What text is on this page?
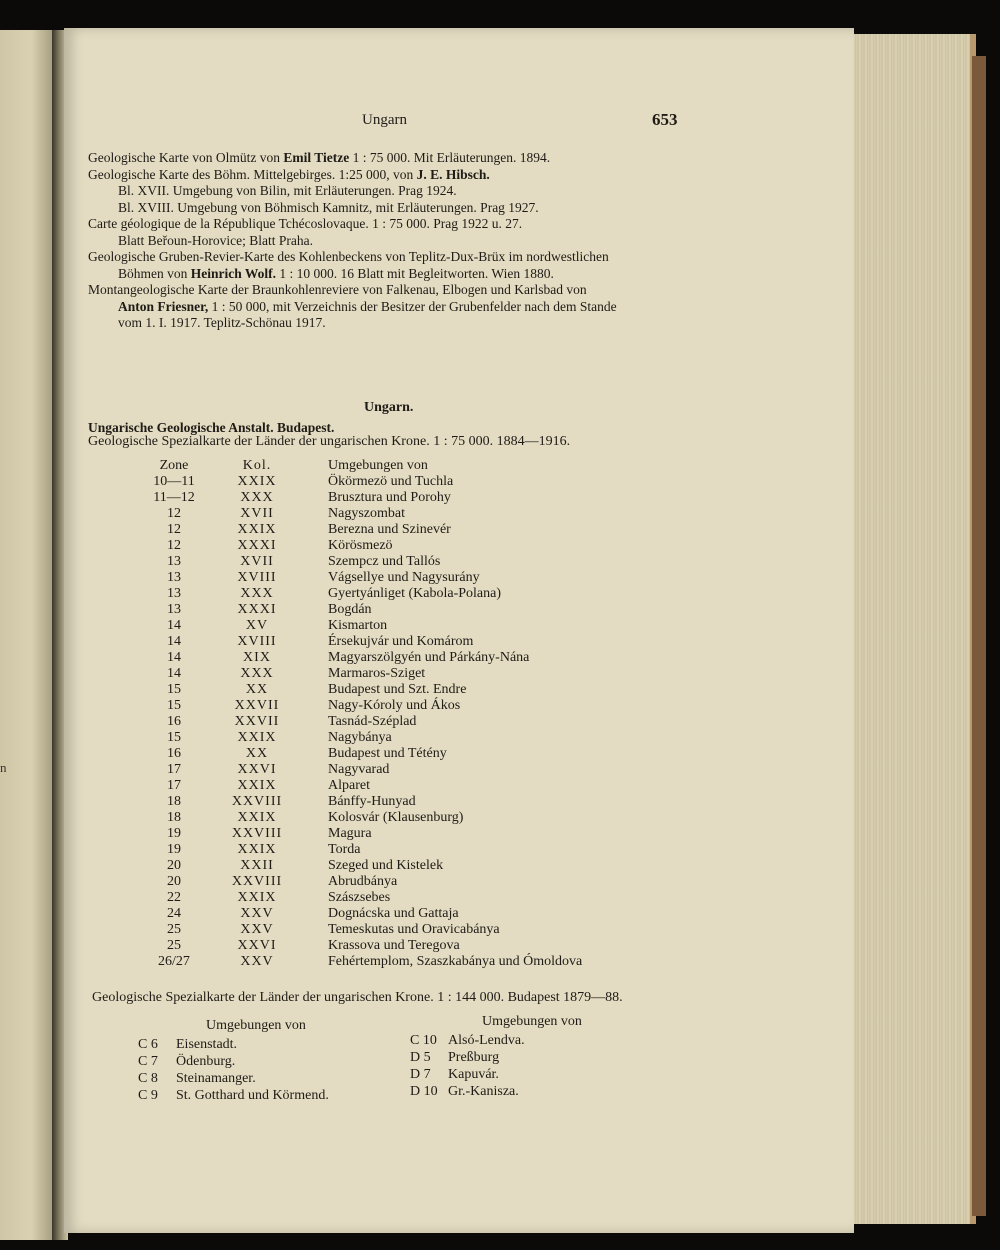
n
Ungarn	653
Geologische Karte von Olmütz von Emil Tietze 1 : 75 000. Mit Erläuterungen. 1894.
Geologische Karte des Böhm. Mittelgebirges. 1:25 000, von J. E. Hibsch.
Bl. XVII. Umgebung von Bilin, mit Erläuterungen. Prag 1924.
Bl. XVIII. Umgebung von Böhmisch Kamnitz, mit Erläuterungen. Prag 1927.
Carte géologique de la République Tchécoslovaque. 1 : 75 000. Prag 1922 u. 27.
Blatt Beřoun-Horovice; Blatt Praha.
Geologische Gruben-Revier-Karte des Kohlenbeckens von Teplitz-Dux-Brüx im nordwestlichen
Böhmen von Heinrich Wolf. 1 : 10 000. 16 Blatt mit Begleitworten. Wien 1880.
Montangeologische Karte der Braunkohlenreviere von Falkenau, Elbogen und Karlsbad von
Anton Friesner, 1 : 50 000, mit Verzeichnis der Besitzer der Grubenfelder nach dem Stande
vom 1. I. 1917. Teplitz-Schönau 1917.
Ungarn.
Ungarische Geologische Anstalt. Budapest.
Geologische Spezialkarte der Länder der ungarischen Krone. 1 : 75 000. 1884—1916.
Zone	Kol.	Umgebungen von
10—11	XXIX	Ökörmezö und Tuchla
11—12	XXX	Brusztura und Porohy
12	XVII	Nagyszombat
12	XXIX	Berezna und Szinevér
12	XXXI	Körösmezö
13	XVII	Szempcz und Tallós
13	XVIII	Vágsellye und Nagysurány
13	XXX	Gyertyánliget (Kabola-Polana)
13	XXXI	Bogdán
14	XV	Kismarton
14	XVIII	Érsekujvár und Komárom
14	XIX	Magyarszölgyén und Párkány-Nána
14	XXX	Marmaros-Sziget
15	XX	Budapest und Szt. Endre
15	XXVII	Nagy-Kóroly und Ákos
16	XXVII	Tasnád-Széplad
15	XXIX	Nagybánya
16	XX	Budapest und Tétény
17	XXVI	Nagyvarad
17	XXIX	Alparet
18	XXVIII	Bánffy-Hunyad
18	XXIX	Kolosvár (Klausenburg)
19	XXVIII	Magura
19	XXIX	Torda
20	XXII	Szeged und Kistelek
20	XXVIII	Abrudbánya
22	XXIX	Szászsebes
24	XXV	Dognácska und Gattaja
25	XXV	Temeskutas und Oravicabánya
25	XXVI	Krassova und Teregova
26/27	XXV	Fehértemplom, Szaszkabánya und Ómoldova
Geologische Spezialkarte der Länder der ungarischen Krone. 1 : 144 000. Budapest 1879—88.
Umgebungen von	Umgebungen von
C 6 Eisenstadt.
C 7 Ödenburg.
C 8 Steinamanger.
C 9 St. Gotthard und Körmend.
C 10 Alsó-Lendva.
D 5 Preßburg
D 7 Kapuvár.
D 10 Gr.-Kanisza.
